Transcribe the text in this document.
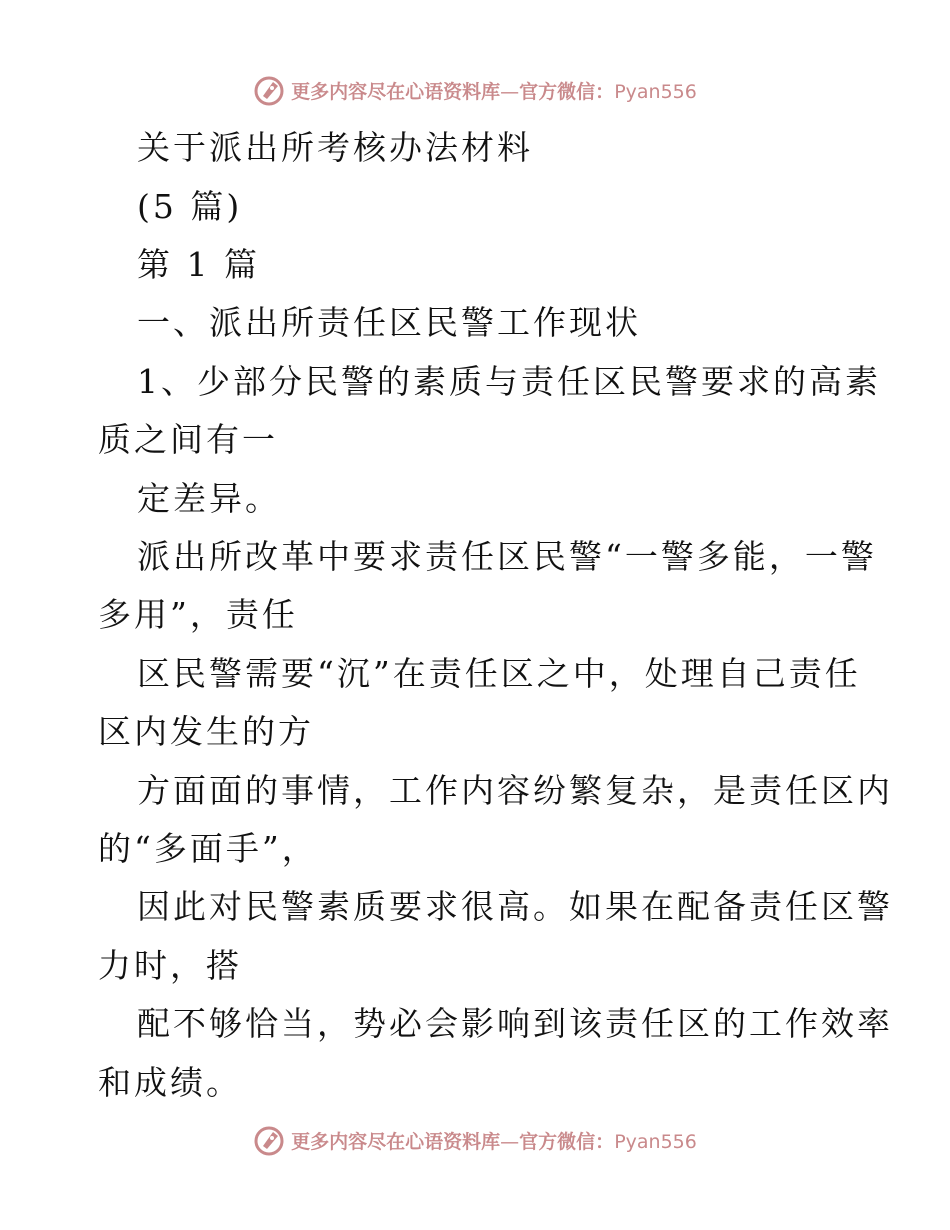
更多内容尽在心语资料库—官方微信：Pyan556
关于派出所考核办法材料
(5 篇)
第 1 篇
一、派出所责任区民警工作现状
1、少部分民警的素质与责任区民警要求的高素
质之间有一
定差异。
派出所改革中要求责任区民警“一警多能，一警
多用”，责任
区民警需要“沉”在责任区之中，处理自己责任
区内发生的方
方面面的事情，工作内容纷繁复杂，是责任区内
的“多面手”，
因此对民警素质要求很高。如果在配备责任区警
力时，搭
配不够恰当，势必会影响到该责任区的工作效率
和成绩。
更多内容尽在心语资料库—官方微信：Pyan556
